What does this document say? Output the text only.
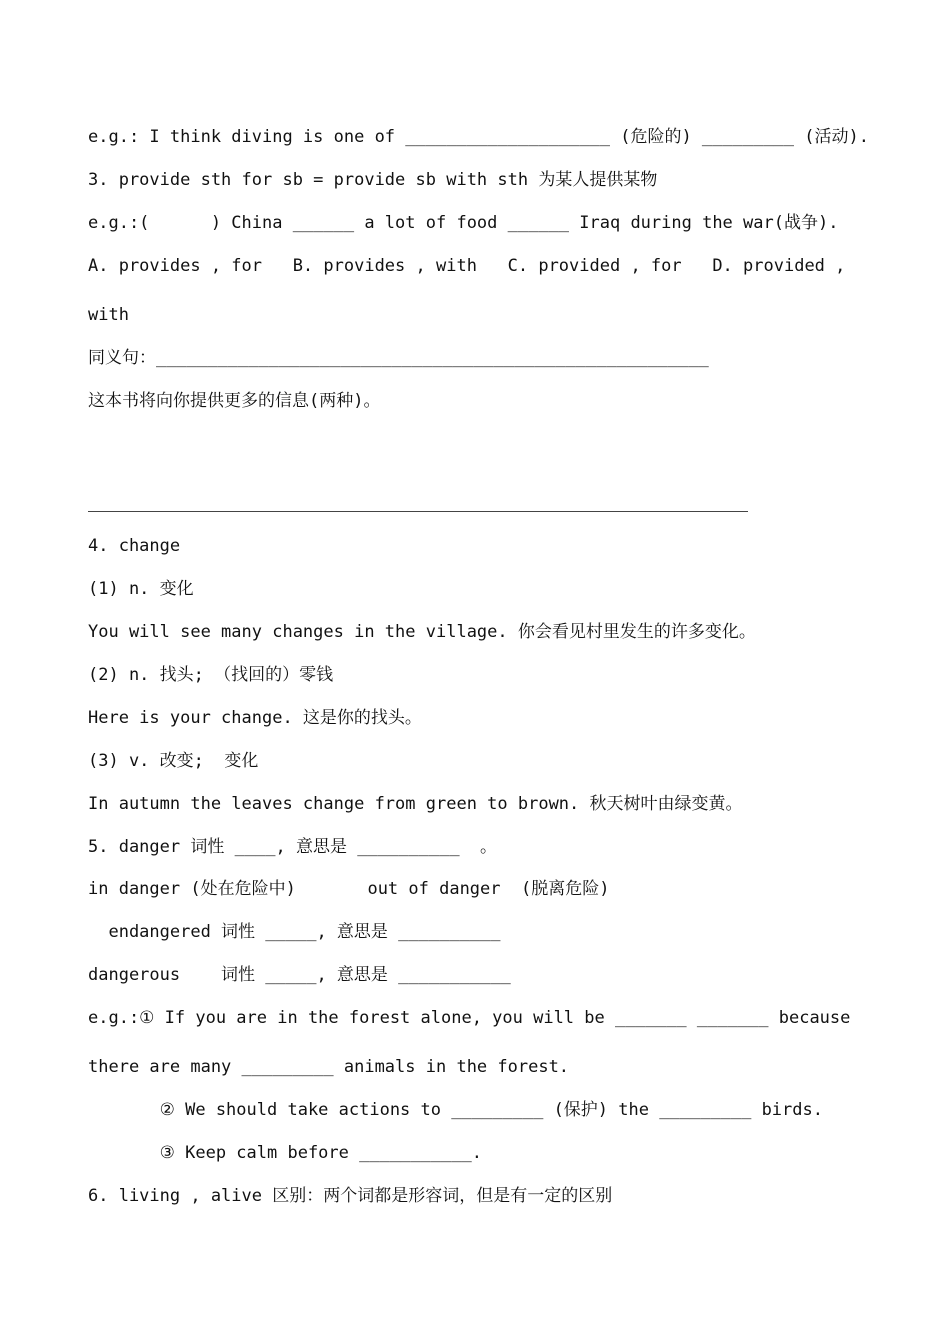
e.g.: I think diving is one of ____________________ (危险的) _________ (活动).
3. provide sth for sb = provide sb with sth 为某人提供某物
e.g.:(      ) China ______ a lot of food ______ Iraq during the war(战争).
A. provides , for   B. provides , with   C. provided , for   D. provided ,
with
同义句：______________________________________________________
这本书将向你提供更多的信息(两种)。
4. change
(1) n. 变化
You will see many changes in the village. 你会看见村里发生的许多变化。
(2) n. 找头; （找回的）零钱
Here is your change. 这是你的找头。
(3) v. 改变;  变化
In autumn the leaves change from green to brown. 秋天树叶由绿变黄。
5. danger 词性 ____, 意思是 __________  。
in danger (处在危险中)       out of danger  (脱离危险)
endangered 词性 _____, 意思是 __________
dangerous    词性 _____, 意思是 ___________
e.g.:① If you are in the forest alone, you will be _______ _______ because
there are many _________ animals in the forest.
② We should take actions to _________ (保护) the _________ birds.
③ Keep calm before ___________.
6. living , alive 区别：两个词都是形容词，但是有一定的区别
